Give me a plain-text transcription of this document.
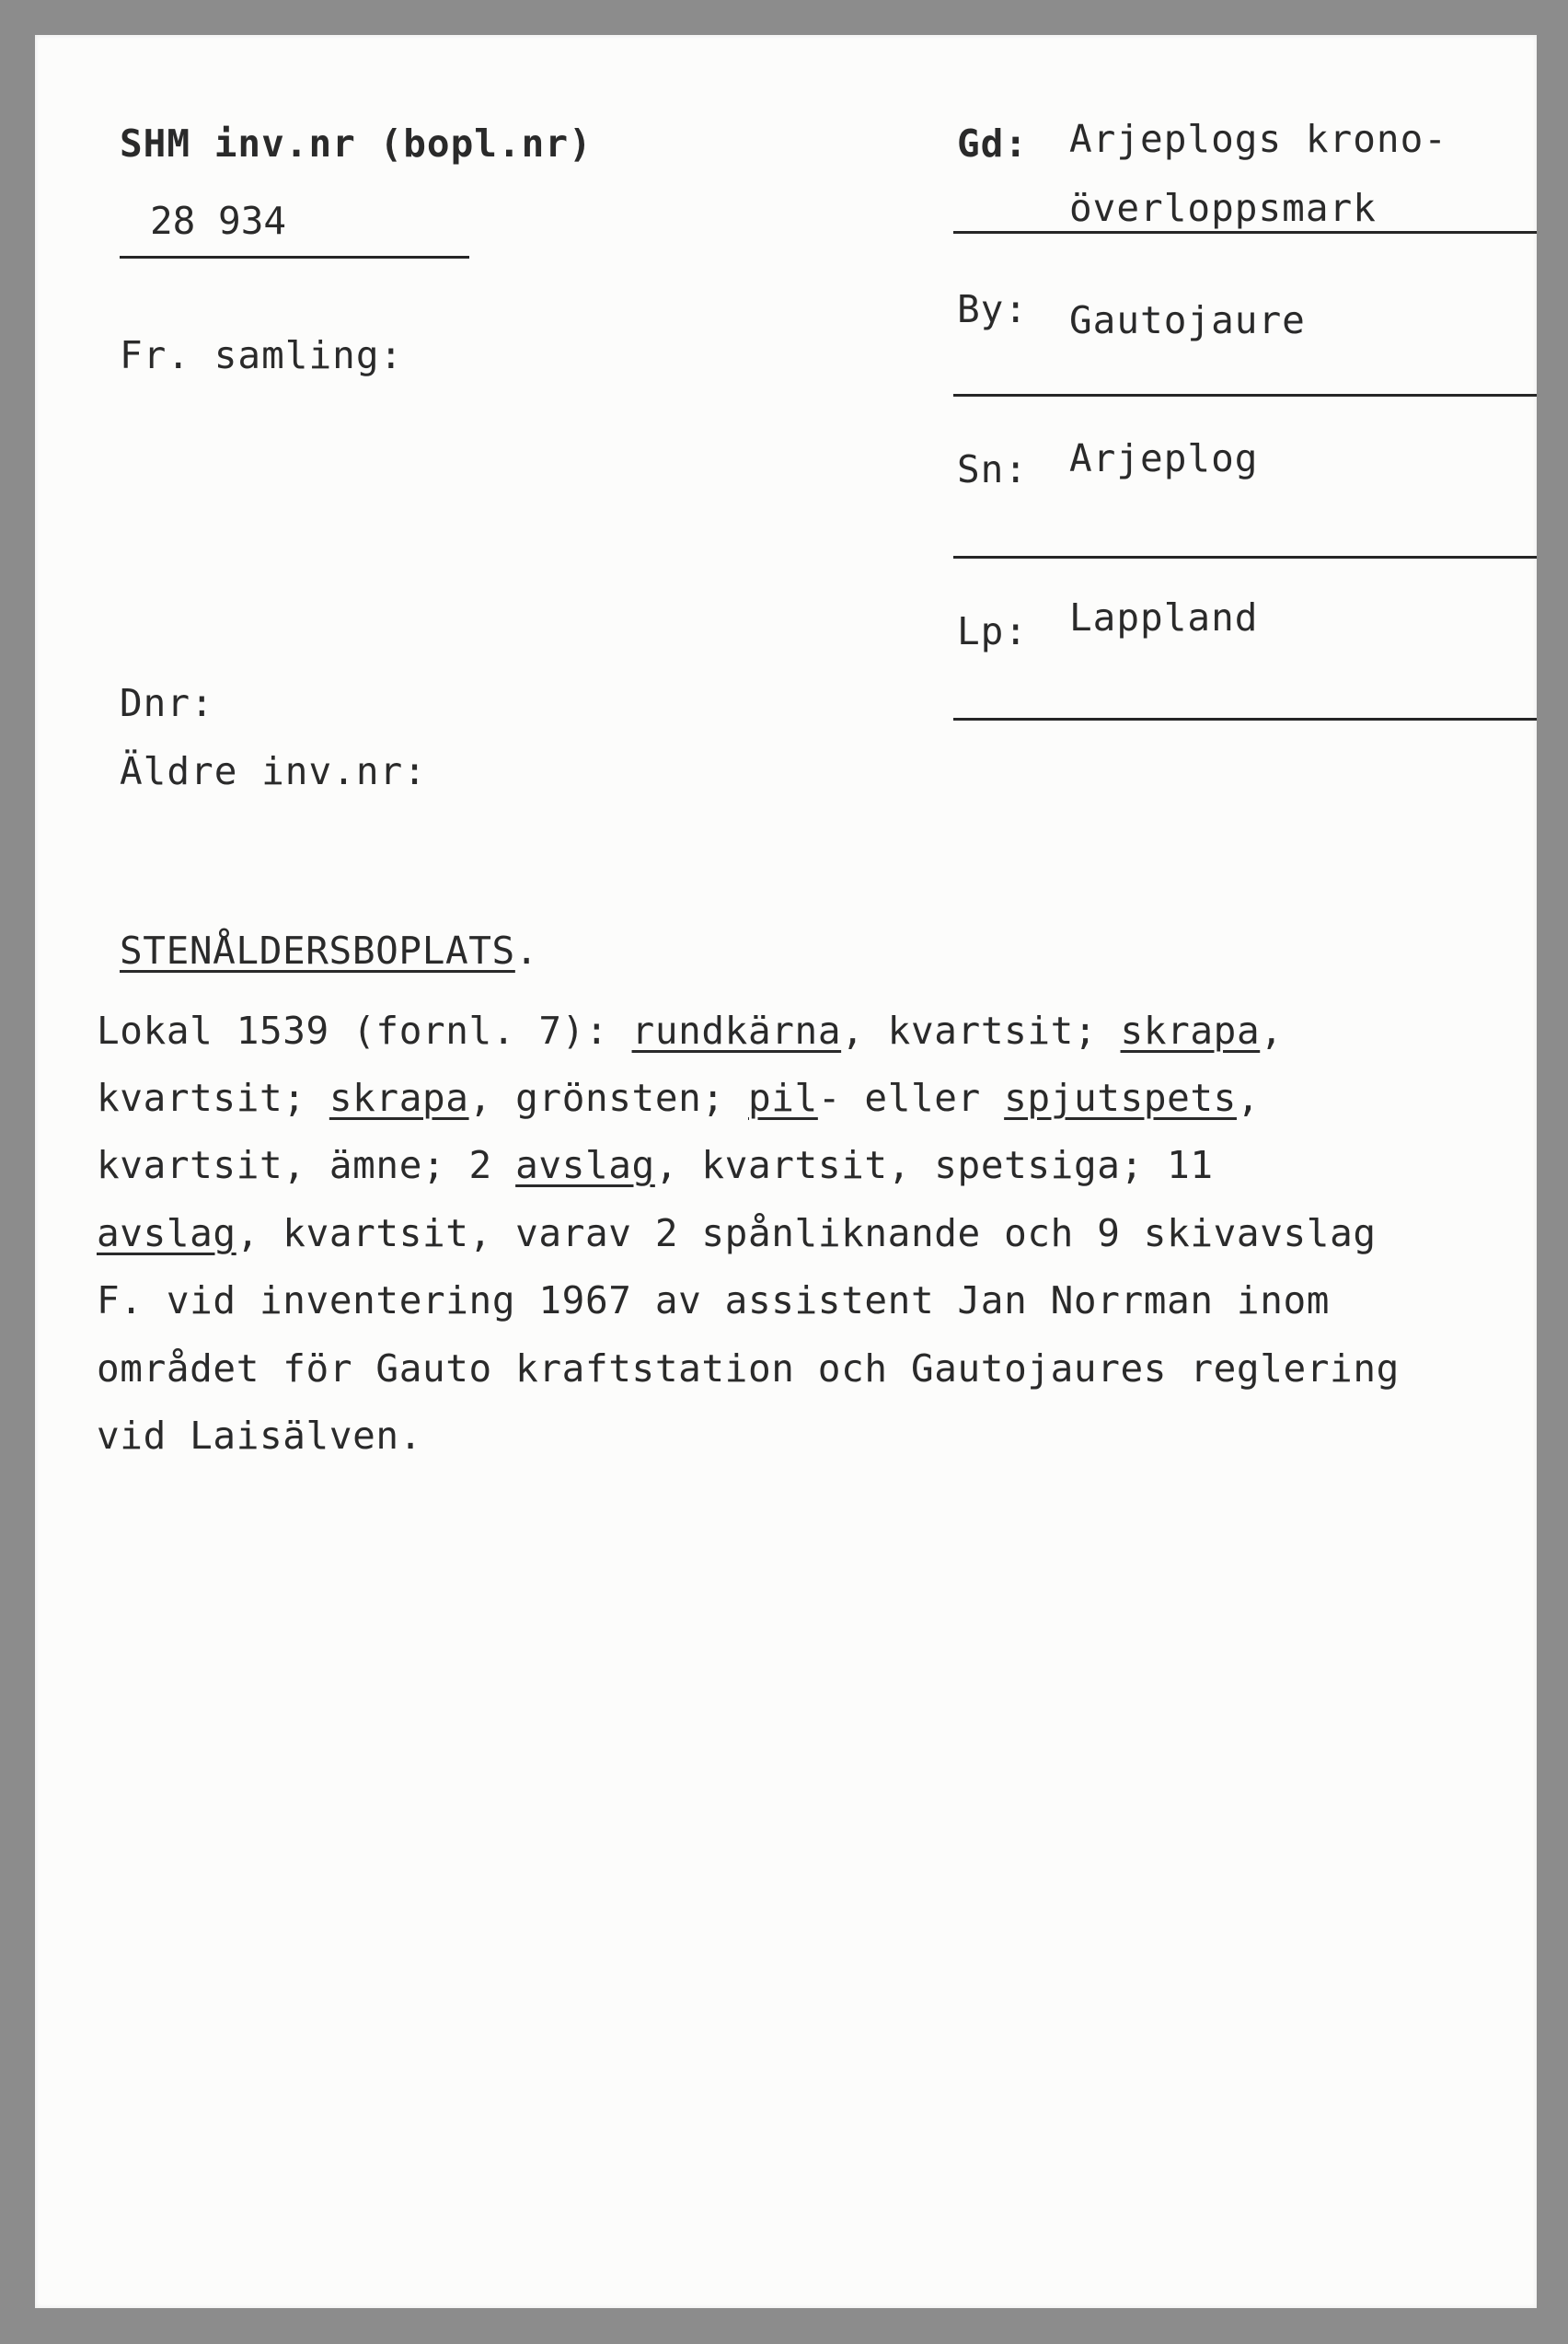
SHM inv.nr (bopl.nr)
28 934
Fr. samling:
Dnr:
Äldre inv.nr:
Gd: Arjeplogs krono-
överloppsmark
By: Gautojaure
Sn: Arjeplog
Lp: Lappland
STENÅLDERSBOPLATS.
Lokal 1539 (fornl. 7): rundkärna, kvartsit; skrapa,
kvartsit; skrapa, grönsten; pil- eller spjutspets,
kvartsit, ämne; 2 avslag, kvartsit, spetsiga; 11
avslag, kvartsit, varav 2 spånliknande och 9 skivavslag
F. vid inventering 1967 av assistent Jan Norrman inom
området för Gauto kraftstation och Gautojaures reglering
vid Laisälven.
